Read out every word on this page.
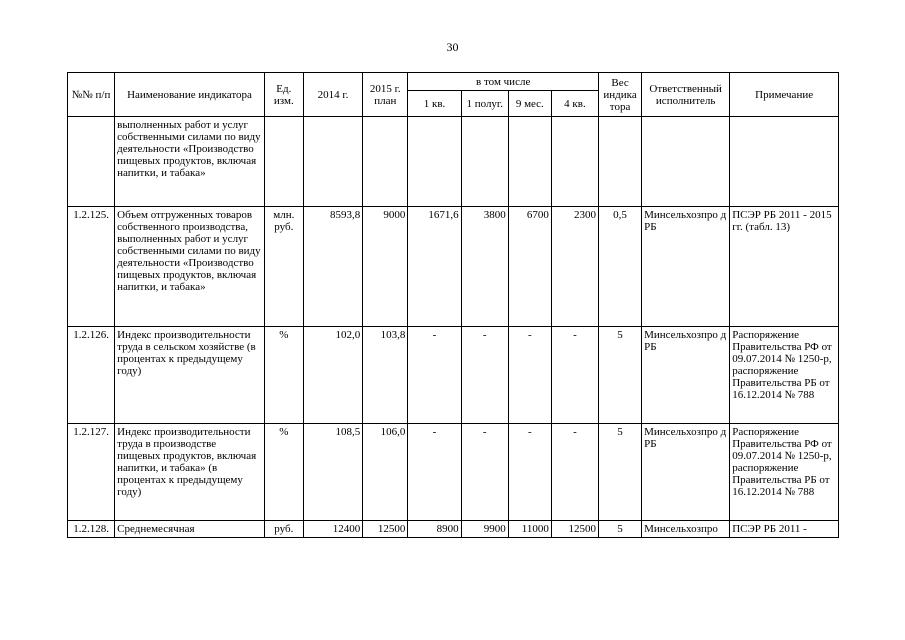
30
№№ п/п	Наименование индикатора	Ед. изм.	2014 г.	2015 г. план	в том числе				Вес индика тора	Ответственный исполнитель	Примечание
					1 кв.	1 полуг.	9 мес.	4 кв.			
	выполненных работ и услуг собственными силами по виду деятельности «Производство пищевых продуктов, включая напитки, и табака»										
1.2.125.	Объем отгруженных товаров собственного производства, выполненных работ и услуг собственными силами по виду деятельности «Производство пищевых продуктов, включая напитки, и табака»	млн. руб.	8593,8	9000	1671,6	3800	6700	2300	0,5	Минсельхозпро д РБ	ПСЭР РБ 2011 - 2015 гг. (табл. 13)
1.2.126.	Индекс производительности труда в сельском хозяйстве (в процентах к предыдущему году)	%	102,0	103,8	-	-	-	-	5	Минсельхозпро д РБ	Распоряжение Правительства РФ от 09.07.2014 № 1250-р, распоряжение Правительства РБ от 16.12.2014 № 788
1.2.127.	Индекс производительности труда в производстве пищевых продуктов, включая напитки, и табака» (в процентах к предыдущему году)	%	108,5	106,0	-	-	-	-	5	Минсельхозпро д РБ	Распоряжение Правительства РФ от 09.07.2014 № 1250-р, распоряжение Правительства РБ от 16.12.2014 № 788
1.2.128.	Среднемесячная	руб.	12400	12500	8900	9900	11000	12500	5	Минсельхозпро	ПСЭР РБ 2011 -
